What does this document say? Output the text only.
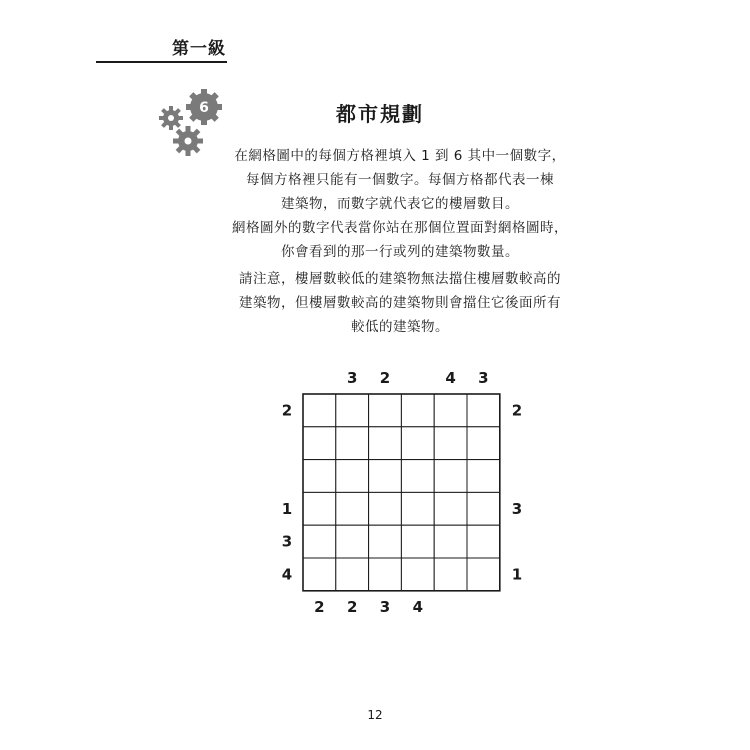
第一級
6	都市規劃
在網格圖中的每個方格裡填入 1 到 6 其中一個數字，
每個方格裡只能有一個數字。每個方格都代表一棟
建築物，而數字就代表它的樓層數目。
網格圖外的數字代表當你站在那個位置面對網格圖時，
你會看到的那一行或列的建築物數量。
請注意，樓層數較低的建築物無法擋住樓層數較高的
建築物，但樓層數較高的建築物則會擋住它後面所有
較低的建築物。
2
2	2
3
2
2
3 4
1	3
4
3
3
4	1
12
